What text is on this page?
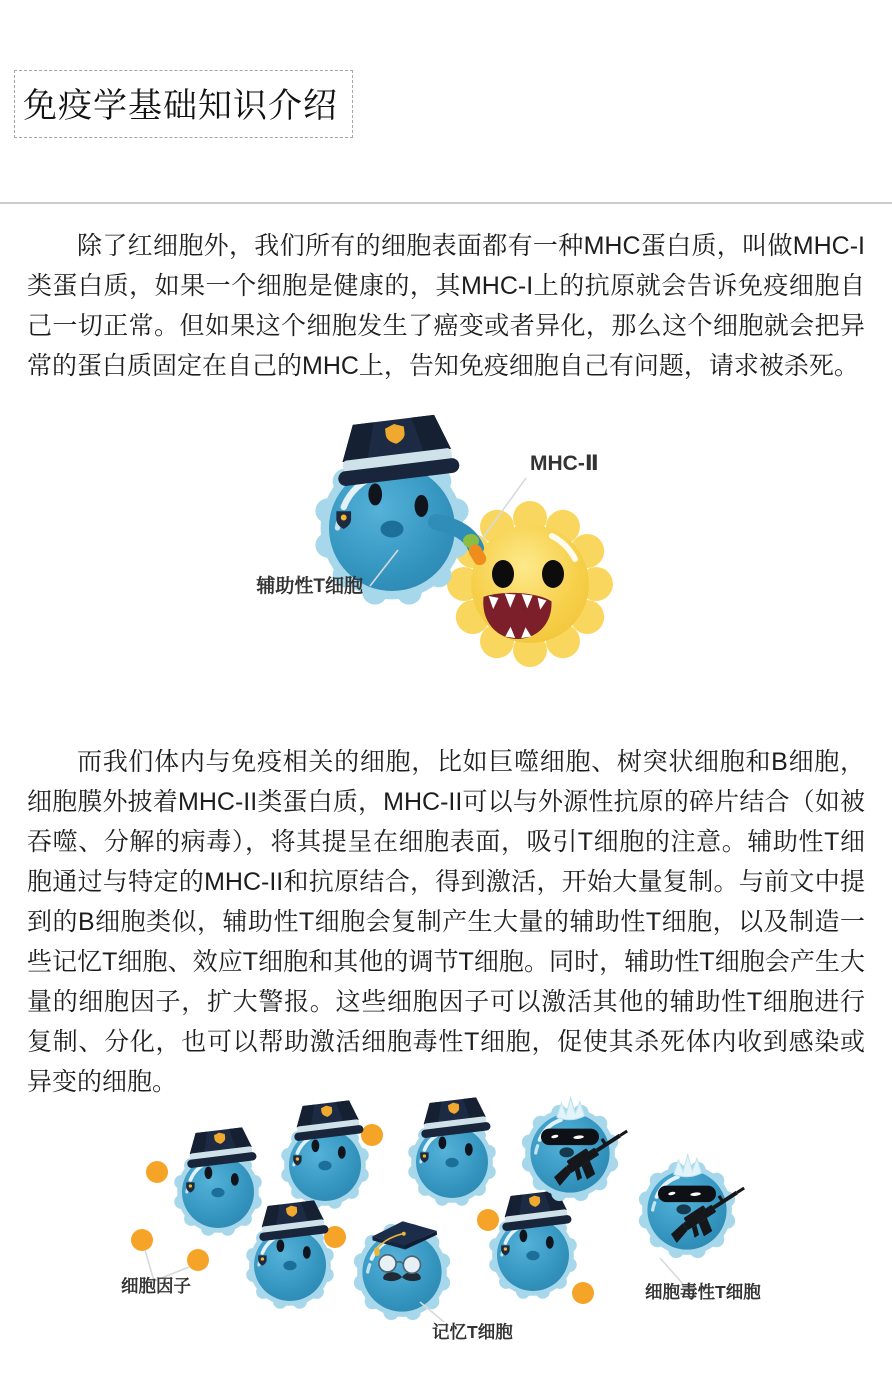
免疫学基础知识介绍

除了红细胞外，我们所有的细胞表面都有一种MHC蛋白质，叫做MHC-I类蛋白质，如果一个细胞是健康的，其MHC-I上的抗原就会告诉免疫细胞自己一切正常。但如果这个细胞发生了癌变或者异化，那么这个细胞就会把异常的蛋白质固定在自己的MHC上，告知免疫细胞自己有问题，请求被杀死。

MHC-Ⅱ
辅助性T细胞

而我们体内与免疫相关的细胞，比如巨噬细胞、树突状细胞和B细胞，细胞膜外披着MHC-II类蛋白质，MHC-II可以与外源性抗原的碎片结合（如被吞噬、分解的病毒），将其提呈在细胞表面，吸引T细胞的注意。辅助性T细胞通过与特定的MHC-II和抗原结合，得到激活，开始大量复制。与前文中提到的B细胞类似，辅助性T细胞会复制产生大量的辅助性T细胞，以及制造一些记忆T细胞、效应T细胞和其他的调节T细胞。同时，辅助性T细胞会产生大量的细胞因子，扩大警报。这些细胞因子可以激活其他的辅助性T细胞进行复制、分化，也可以帮助激活细胞毒性T细胞，促使其杀死体内收到感染或异变的细胞。

细胞因子
记忆T细胞
细胞毒性T细胞
